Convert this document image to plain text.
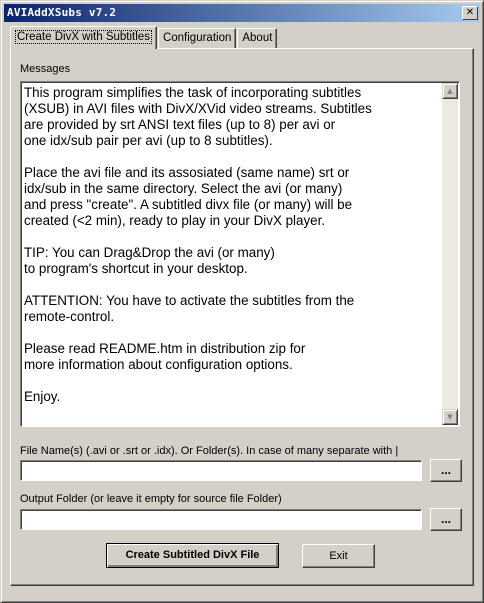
AVIAddXSubs v7.2	✕
Create DivX with Subtitles	Configuration About
Messages
This program simplifies the task of incorporating subtitles
(XSUB) in AVI files with DivX/XVid video streams. Subtitles
are provided by srt ANSI text files (up to 8) per avi or
one idx/sub pair per avi (up to 8 subtitles).

Place the avi file and its assosiated (same name) srt or
idx/sub in the same directory. Select the avi (or many)
and press "create". A subtitled divx file (or many) will be
created (<2 min), ready to play in your DivX player.

TIP: You can Drag&Drop the avi (or many)
to program's shortcut in your desktop.

ATTENTION: You have to activate the subtitles from the
remote-control.

Please read README.htm in distribution zip for
more information about configuration options.

Enjoy.
▲
▼
File Name(s) (.avi or .srt or .idx). Or Folder(s). In case of many separate with |
...
Output Folder (or leave it empty for source file Folder)
...
Create Subtitled DivX File	Exit
